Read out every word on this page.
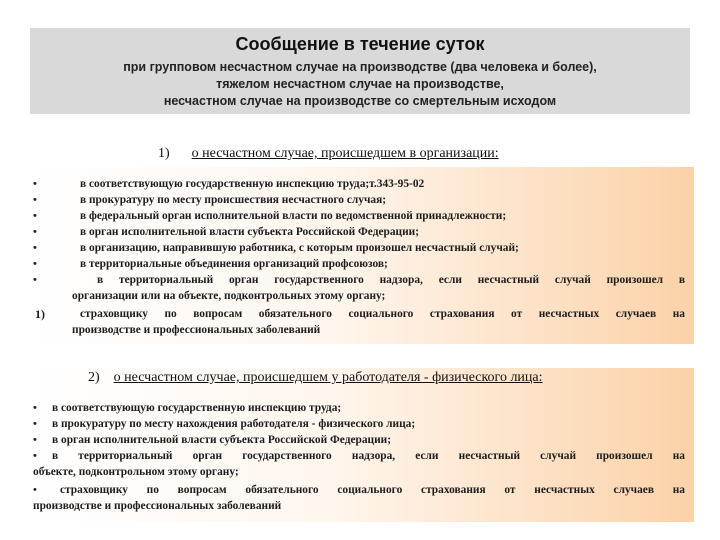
Сообщение в течение суток
при групповом несчастном случае на производстве (два человека и более),
тяжелом несчастном случае на производстве,
несчастном случае на производстве со смертельным исходом
1) о несчастном случае, происшедшем в организации:
•	в соответствующую государственную инспекцию труда;т.343-95-02
•	в прокуратуру по месту происшествия несчастного случая;
•	в федеральный орган исполнительной власти по ведомственной принадлежности;
•	в орган исполнительной власти субъекта Российской Федерации;
•	в организацию, направившую работника, с которым произошел несчастный случай;
•	в территориальные объединения организаций профсоюзов;
•	в территориальный орган государственного надзора, если несчастный случай произошел в
организации или на объекте, подконтрольных этому органу;
1)	страховщику по вопросам обязательного социального страхования от несчастных случаев на
производстве и профессиональных заболеваний
2) о несчастном случае, происшедшем у работодателя - физического лица:
• в соответствующую государственную инспекцию труда;
• в прокуратуру по месту нахождения работодателя - физического лица;
• в орган исполнительной власти субъекта Российской Федерации;
• в территориальный орган государственного надзора, если несчастный случай произошел на
объекте, подконтрольном этому органу;
• страховщику по вопросам обязательного социального страхования от несчастных случаев на
производстве и профессиональных заболеваний
